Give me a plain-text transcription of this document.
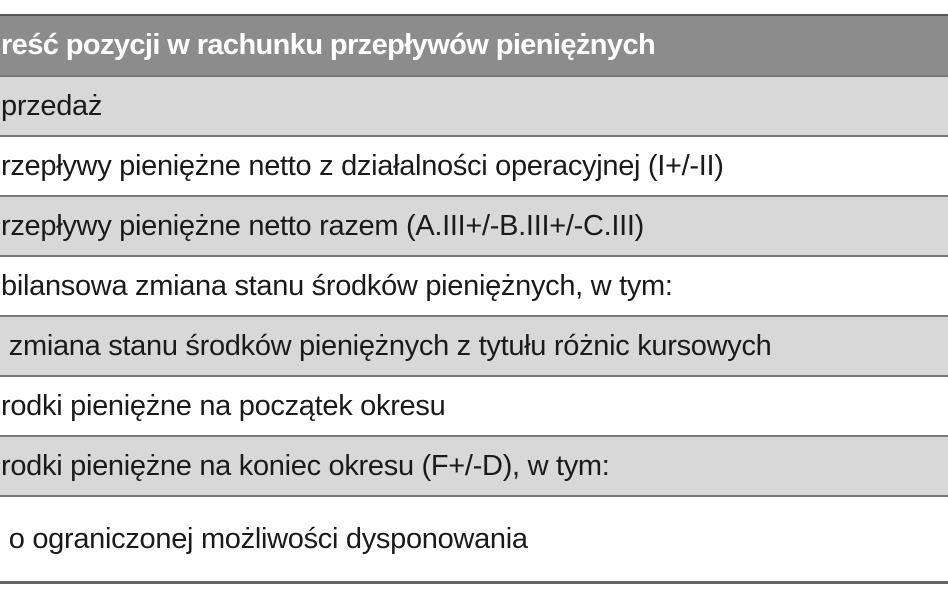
reść pozycji w rachunku przepływów pieniężnych
przedaż
rzepływy pieniężne netto z działalności operacyjnej (I+/-II)
rzepływy pieniężne netto razem (A.III+/-B.III+/-C.III)
bilansowa zmiana stanu środków pieniężnych, w tym:
zmiana stanu środków pieniężnych z tytułu różnic kursowych
rodki pieniężne na początek okresu
rodki pieniężne na koniec okresu (F+/-D), w tym:
o ograniczonej możliwości dysponowania
